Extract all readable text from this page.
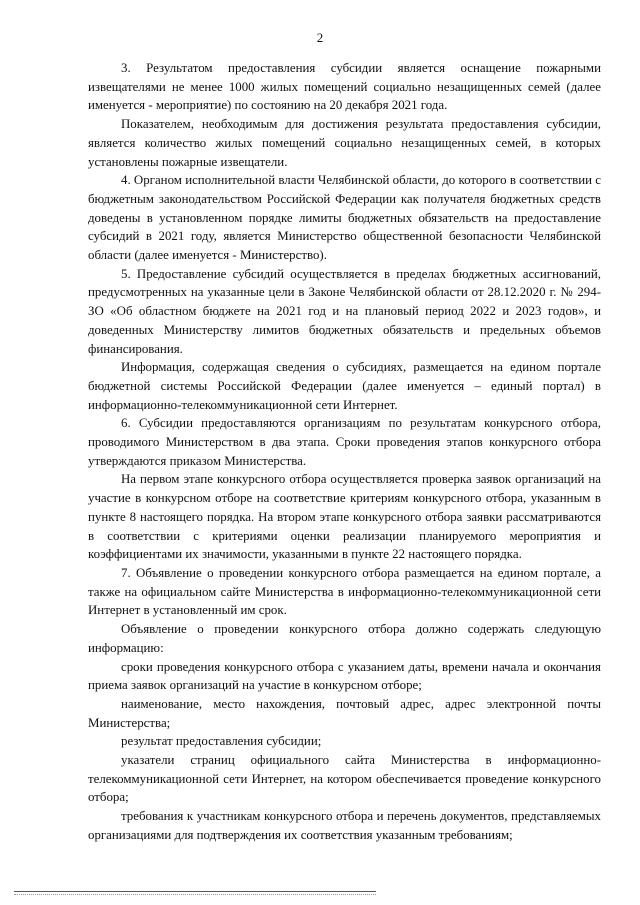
2

3. Результатом предоставления субсидии является оснащение пожарными извещателями не менее 1000 жилых помещений социально незащищенных семей (далее именуется - мероприятие) по состоянию на 20 декабря 2021 года.

Показателем, необходимым для достижения результата предоставления субсидии, является количество жилых помещений социально незащищенных семей, в которых установлены пожарные извещатели.

4. Органом исполнительной власти Челябинской области, до которого в соответствии с бюджетным законодательством Российской Федерации как получателя бюджетных средств доведены в установленном порядке лимиты бюджетных обязательств на предоставление субсидий в 2021 году, является Министерство общественной безопасности Челябинской области (далее именуется - Министерство).

5. Предоставление субсидий осуществляется в пределах бюджетных ассигнований, предусмотренных на указанные цели в Законе Челябинской области от 28.12.2020 г. № 294-ЗО «Об областном бюджете на 2021 год и на плановый период 2022 и 2023 годов», и доведенных Министерству лимитов бюджетных обязательств и предельных объемов финансирования.

Информация, содержащая сведения о субсидиях, размещается на едином портале бюджетной системы Российской Федерации (далее именуется – единый портал) в информационно-телекоммуникационной сети Интернет.

6. Субсидии предоставляются организациям по результатам конкурсного отбора, проводимого Министерством в два этапа. Сроки проведения этапов конкурсного отбора утверждаются приказом Министерства.

На первом этапе конкурсного отбора осуществляется проверка заявок организаций на участие в конкурсном отборе на соответствие критериям конкурсного отбора, указанным в пункте 8 настоящего порядка. На втором этапе конкурсного отбора заявки рассматриваются в соответствии с критериями оценки реализации планируемого мероприятия и коэффициентами их значимости, указанными в пункте 22 настоящего порядка.

7. Объявление о проведении конкурсного отбора размещается на едином портале, а также на официальном сайте Министерства в информационно-телекоммуникационной сети Интернет в установленный им срок.

Объявление о проведении конкурсного отбора должно содержать следующую информацию:

сроки проведения конкурсного отбора с указанием даты, времени начала и окончания приема заявок организаций на участие в конкурсном отборе;

наименование, место нахождения, почтовый адрес, адрес электронной почты Министерства;

результат предоставления субсидии;

указатели страниц официального сайта Министерства в информационно-телекоммуникационной сети Интернет, на котором обеспечивается проведение конкурсного отбора;

требования к участникам конкурсного отбора и перечень документов, представляемых организациями для подтверждения их соответствия указанным требованиям;
